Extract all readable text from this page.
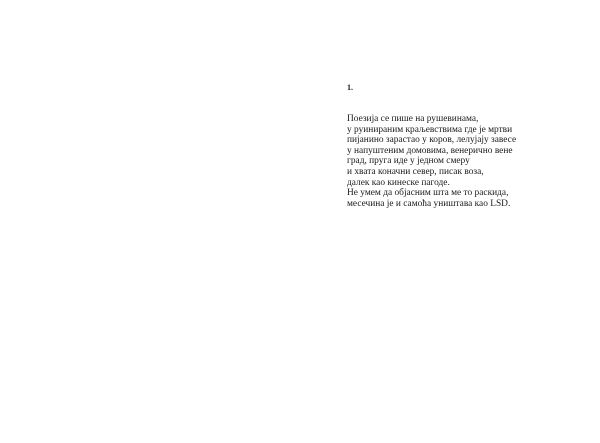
1.
Поезија се пише на рушевинама,
у руинираним краљевствима где је мртви
пијанино зарастао у коров, лелујају завесе
у напуштеним домовима, венерично вене
град, пруга иде у једном смеру
и хвата коначни север, писак воза,
далек као кинеске пагоде.
Не умем да објасним шта ме то раскида,
месечина је и самоћа уништава као LSD.
